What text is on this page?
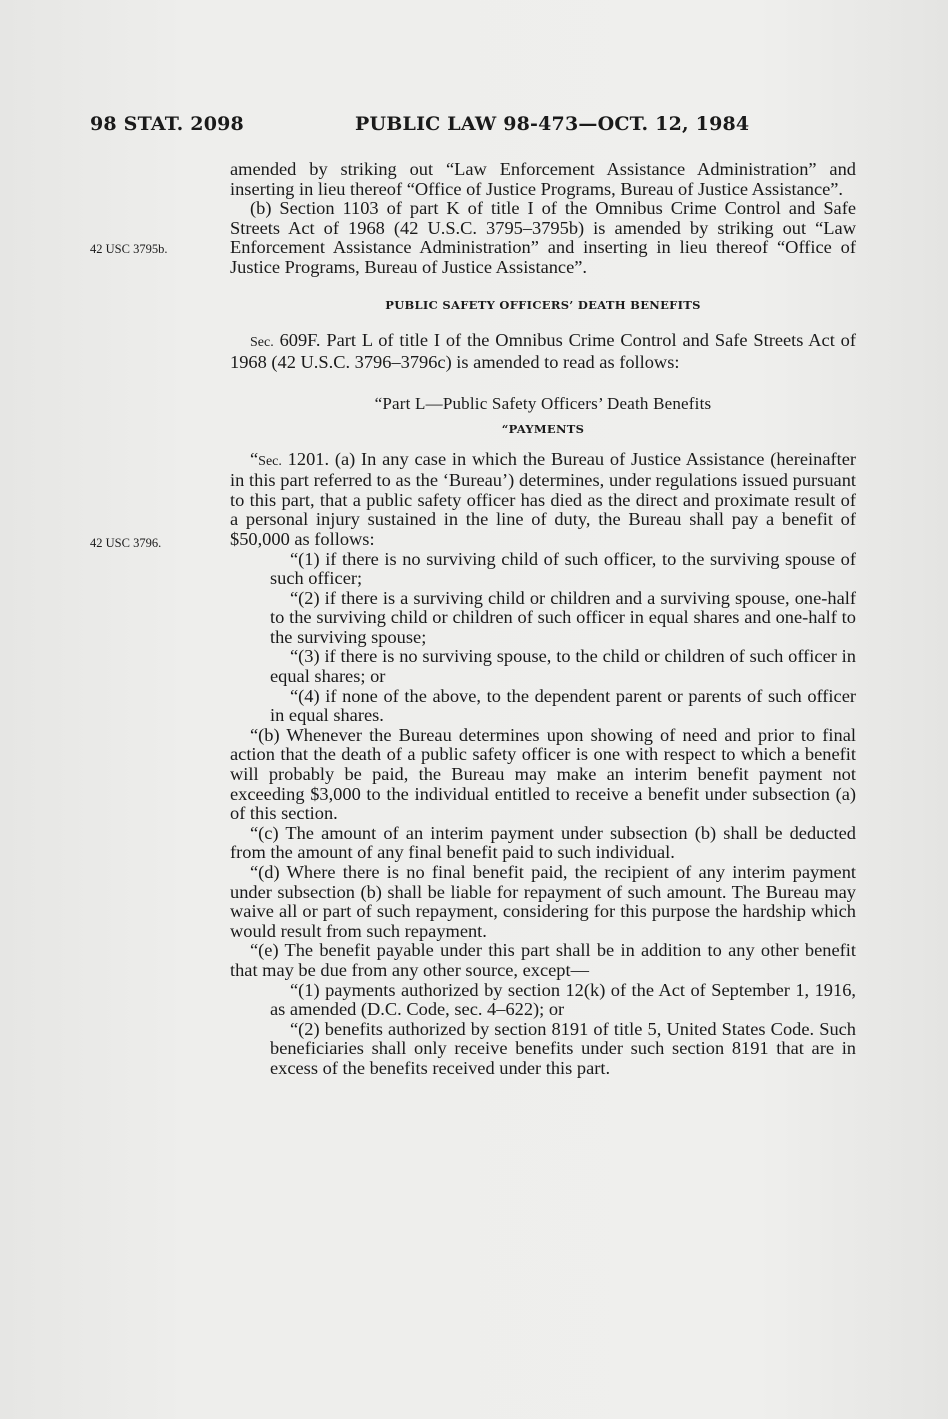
98 STAT. 2098	PUBLIC LAW 98-473—OCT. 12, 1984
42 USC 3795b.
42 USC 3796.

amended by striking out “Law Enforcement Assistance Administration” and inserting in lieu thereof “Office of Justice Programs, Bureau of Justice Assistance”.

(b) Section 1103 of part K of title I of the Omnibus Crime Control and Safe Streets Act of 1968 (42 U.S.C. 3795–3795b) is amended by striking out “Law Enforcement Assistance Administration” and inserting in lieu thereof “Office of Justice Programs, Bureau of Justice Assistance”.

PUBLIC SAFETY OFFICERS’ DEATH BENEFITS

Sec. 609F. Part L of title I of the Omnibus Crime Control and Safe Streets Act of 1968 (42 U.S.C. 3796–3796c) is amended to read as follows:

“Part L—Public Safety Officers’ Death Benefits
“PAYMENTS

“Sec. 1201. (a) In any case in which the Bureau of Justice Assistance (hereinafter in this part referred to as the ‘Bureau’) determines, under regulations issued pursuant to this part, that a public safety officer has died as the direct and proximate result of a personal injury sustained in the line of duty, the Bureau shall pay a benefit of $50,000 as follows:

“(1) if there is no surviving child of such officer, to the surviving spouse of such officer;

“(2) if there is a surviving child or children and a surviving spouse, one-half to the surviving child or children of such officer in equal shares and one-half to the surviving spouse;

“(3) if there is no surviving spouse, to the child or children of such officer in equal shares; or

“(4) if none of the above, to the dependent parent or parents of such officer in equal shares.

“(b) Whenever the Bureau determines upon showing of need and prior to final action that the death of a public safety officer is one with respect to which a benefit will probably be paid, the Bureau may make an interim benefit payment not exceeding $3,000 to the individual entitled to receive a benefit under subsection (a) of this section.

“(c) The amount of an interim payment under subsection (b) shall be deducted from the amount of any final benefit paid to such individual.

“(d) Where there is no final benefit paid, the recipient of any interim payment under subsection (b) shall be liable for repayment of such amount. The Bureau may waive all or part of such repayment, considering for this purpose the hardship which would result from such repayment.

“(e) The benefit payable under this part shall be in addition to any other benefit that may be due from any other source, except—

“(1) payments authorized by section 12(k) of the Act of September 1, 1916, as amended (D.C. Code, sec. 4–622); or

“(2) benefits authorized by section 8191 of title 5, United States Code. Such beneficiaries shall only receive benefits under such section 8191 that are in excess of the benefits received under this part.
